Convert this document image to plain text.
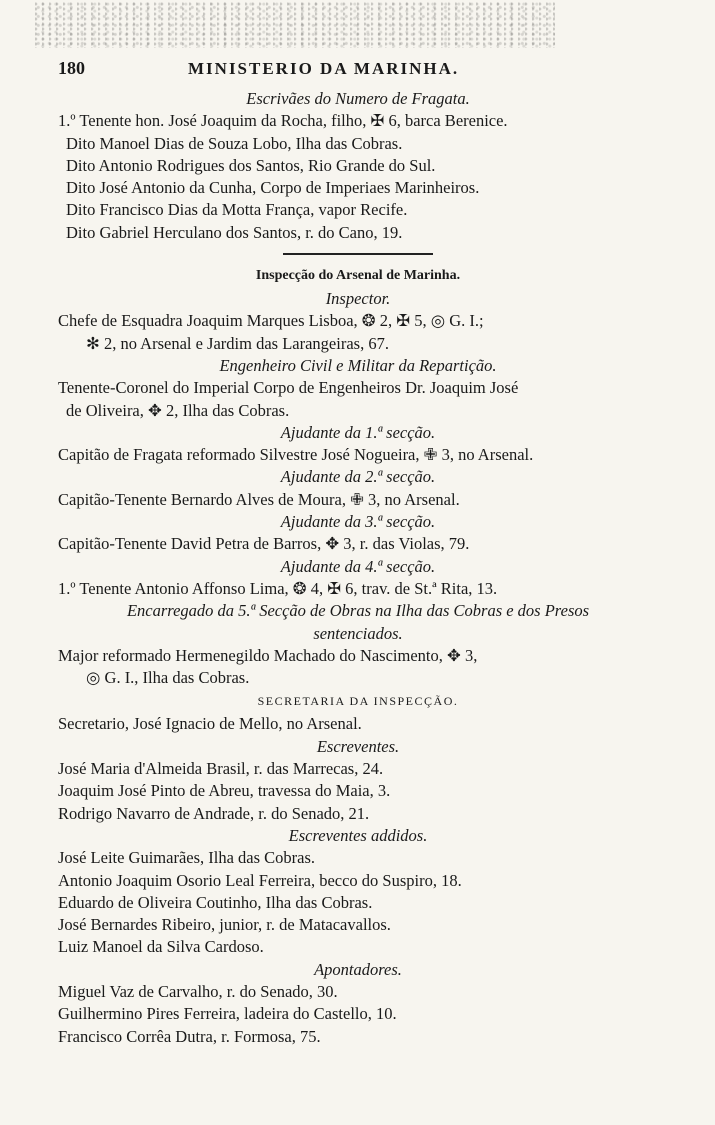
180	MINISTERIO DA MARINHA.
Escrivães do Numero de Fragata.
1.º Tenente hon. José Joaquim da Rocha, filho, ✠ 6, barca Berenice.
Dito Manoel Dias de Souza Lobo, Ilha das Cobras.
Dito Antonio Rodrigues dos Santos, Rio Grande do Sul.
Dito José Antonio da Cunha, Corpo de Imperiaes Marinheiros.
Dito Francisco Dias da Motta França, vapor Recife.
Dito Gabriel Herculano dos Santos, r. do Cano, 19.
Inspecção do Arsenal de Marinha.
Inspector.
Chefe de Esquadra Joaquim Marques Lisboa, ❂ 2, ✠ 5, ◎ G. I.;
✻ 2, no Arsenal e Jardim das Larangeiras, 67.
Engenheiro Civil e Militar da Repartição.
Tenente-Coronel do Imperial Corpo de Engenheiros Dr. Joaquim José
de Oliveira, ✥ 2, Ilha das Cobras.
Ajudante da 1.ª secção.
Capitão de Fragata reformado Silvestre José Nogueira, ✙ 3, no Arsenal.
Ajudante da 2.ª secção.
Capitão-Tenente Bernardo Alves de Moura, ✙ 3, no Arsenal.
Ajudante da 3.ª secção.
Capitão-Tenente David Petra de Barros, ✥ 3, r. das Violas, 79.
Ajudante da 4.ª secção.
1.º Tenente Antonio Affonso Lima, ❂ 4, ✠ 6, trav. de St.ª Rita, 13.
Encarregado da 5.ª Secção de Obras na Ilha das Cobras e dos Presos
sentenciados.
Major reformado Hermenegildo Machado do Nascimento, ✥ 3,
◎ G. I., Ilha das Cobras.
SECRETARIA DA INSPECÇÃO.
Secretario, José Ignacio de Mello, no Arsenal.
Escreventes.
José Maria d'Almeida Brasil, r. das Marrecas, 24.
Joaquim José Pinto de Abreu, travessa do Maia, 3.
Rodrigo Navarro de Andrade, r. do Senado, 21.
Escreventes addidos.
José Leite Guimarães, Ilha das Cobras.
Antonio Joaquim Osorio Leal Ferreira, becco do Suspiro, 18.
Eduardo de Oliveira Coutinho, Ilha das Cobras.
José Bernardes Ribeiro, junior, r. de Matacavallos.
Luiz Manoel da Silva Cardoso.
Apontadores.
Miguel Vaz de Carvalho, r. do Senado, 30.
Guilhermino Pires Ferreira, ladeira do Castello, 10.
Francisco Corrêa Dutra, r. Formosa, 75.
